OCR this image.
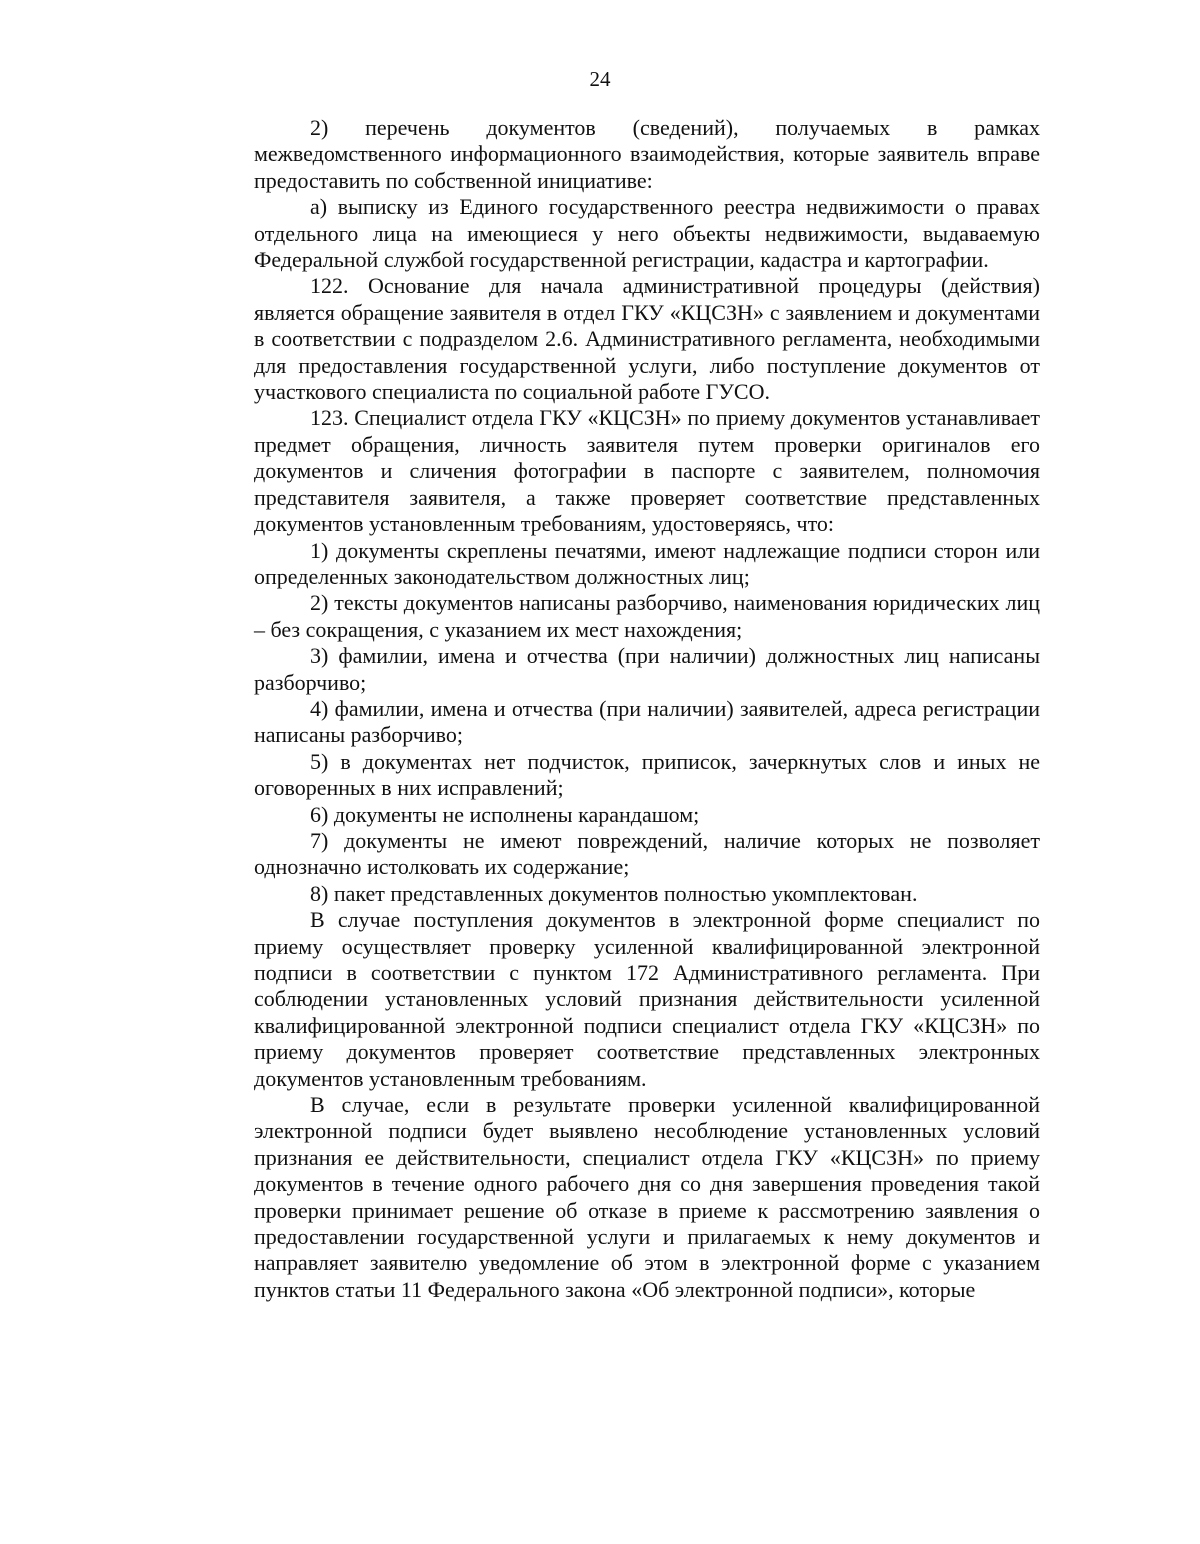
24

2) перечень документов (сведений), получаемых в рамках межведомственного информационного взаимодействия, которые заявитель вправе предоставить по собственной инициативе:

а) выписку из Единого государственного реестра недвижимости о правах отдельного лица на имеющиеся у него объекты недвижимости, выдаваемую Федеральной службой государственной регистрации, кадастра и картографии.

122. Основание для начала административной процедуры (действия) является обращение заявителя в отдел ГКУ «КЦСЗН» с заявлением и документами в соответствии с подразделом 2.6. Административного регламента, необходимыми для предоставления государственной услуги, либо поступление документов от участкового специалиста по социальной работе ГУСО.

123. Специалист отдела ГКУ «КЦСЗН» по приему документов устанавливает предмет обращения, личность заявителя путем проверки оригиналов его документов и сличения фотографии в паспорте с заявителем, полномочия представителя заявителя, а также проверяет соответствие представленных документов установленным требованиям, удостоверяясь, что:

1) документы скреплены печатями, имеют надлежащие подписи сторон или определенных законодательством должностных лиц;

2) тексты документов написаны разборчиво, наименования юридических лиц – без сокращения, с указанием их мест нахождения;

3) фамилии, имена и отчества (при наличии) должностных лиц написаны разборчиво;

4) фамилии, имена и отчества (при наличии) заявителей, адреса регистрации написаны разборчиво;

5) в документах нет подчисток, приписок, зачеркнутых слов и иных не оговоренных в них исправлений;

6) документы не исполнены карандашом;

7) документы не имеют повреждений, наличие которых не позволяет однозначно истолковать их содержание;

8) пакет представленных документов полностью укомплектован.

В случае поступления документов в электронной форме специалист по приему осуществляет проверку усиленной квалифицированной электронной подписи в соответствии с пунктом 172 Административного регламента. При соблюдении установленных условий признания действительности усиленной квалифицированной электронной подписи специалист отдела ГКУ «КЦСЗН» по приему документов проверяет соответствие представленных электронных документов установленным требованиям.

В случае, если в результате проверки усиленной квалифицированной электронной подписи будет выявлено несоблюдение установленных условий признания ее действительности, специалист отдела ГКУ «КЦСЗН» по приему документов в течение одного рабочего дня со дня завершения проведения такой проверки принимает решение об отказе в приеме к рассмотрению заявления о предоставлении государственной услуги и прилагаемых к нему документов и направляет заявителю уведомление об этом в электронной форме с указанием пунктов статьи 11 Федерального закона «Об электронной подписи», которые
